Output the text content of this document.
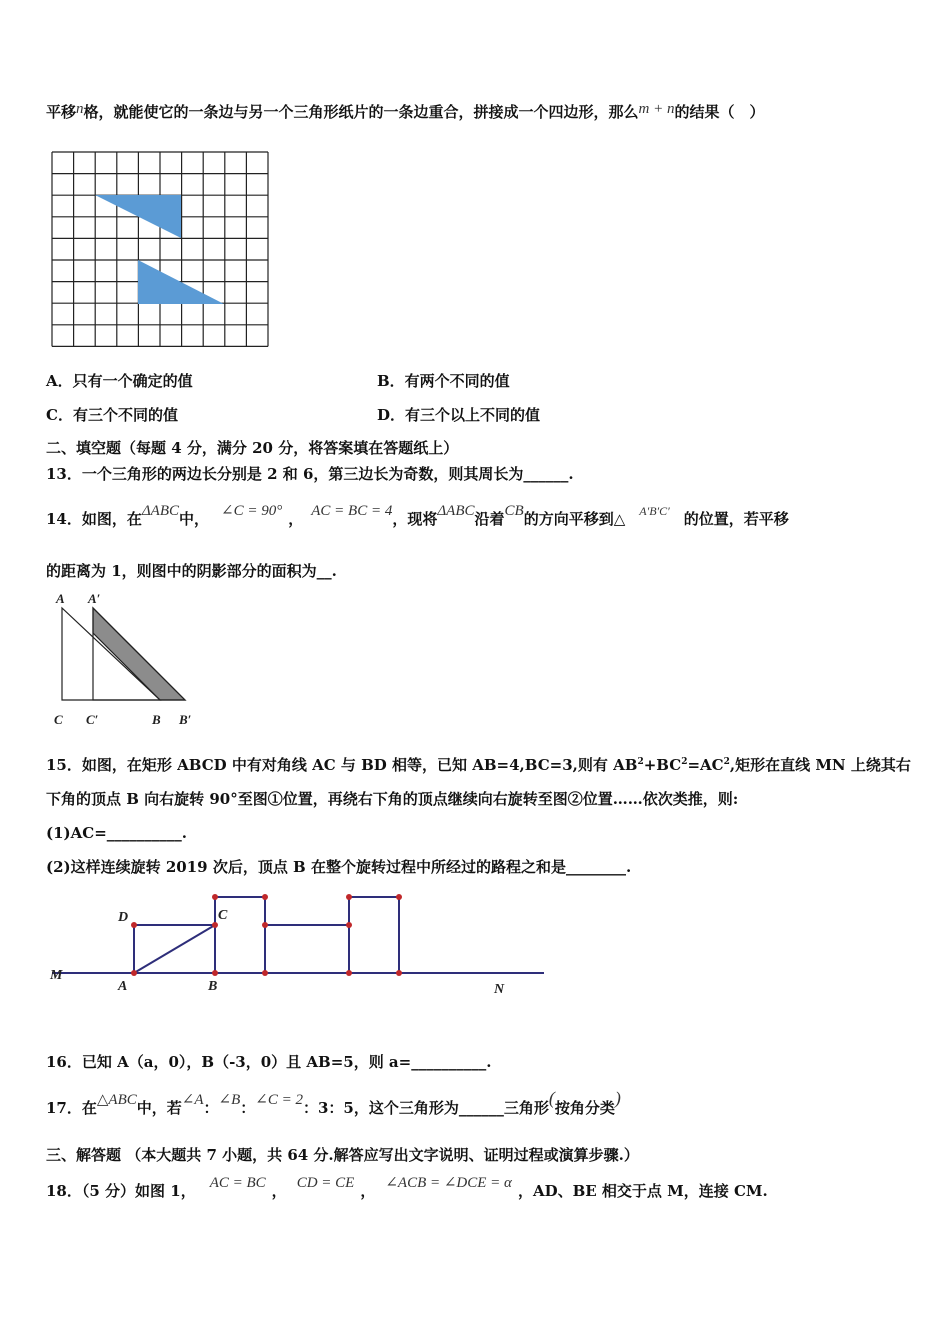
平移n格，就能使它的一条边与另一个三角形纸片的一条边重合，拼接成一个四边形，那么m + n的结果（　）
A．只有一个确定的值	B．有两个不同的值
C．有三个不同的值	D．有三个以上不同的值
二、填空题（每题 4 分，满分 20 分，将答案填在答题纸上）
13．一个三角形的两边长分别是 2 和 6，第三边长为奇数，则其周长为______.
14．如图，在ΔABC中， ∠C = 90° ， AC = BC = 4，现将ΔABC沿着CB的方向平移到△ $^{A'B'C'}$ 的位置，若平移
的距离为 1，则图中的阴影部分的面积为__.
A A′
C C′	B B′
15．如图，在矩形 ABCD 中有对角线 AC 与 BD 相等，已知 AB=4,BC=3,则有 $AB^2+BC^2=AC^2$,矩形在直线 MN 上绕其右
下角的顶点 B 向右旋转 90°至图①位置，再绕右下角的顶点继续向右旋转至图②位置……依次类推，则:
(1)AC=__________.
(2)这样连续旋转 2019 次后，顶点 B 在整个旋转过程中所经过的路程之和是________.
D	C
M
A	B	N
16．已知 A（a，0），B（-3，0）且 AB=5，则 a=__________.
17．在△ABC中，若∠A：∠B：∠C = 2：3：5，这个三角形为______三角形(按角分类)
三、解答题 （本大题共 7 小题，共 64 分.解答应写出文字说明、证明过程或演算步骤.）
18．（5 分）如图 1， AC = BC ， CD = CE ， ∠ACB = ∠DCE = α ，AD、BE 相交于点 M，连接 CM.
